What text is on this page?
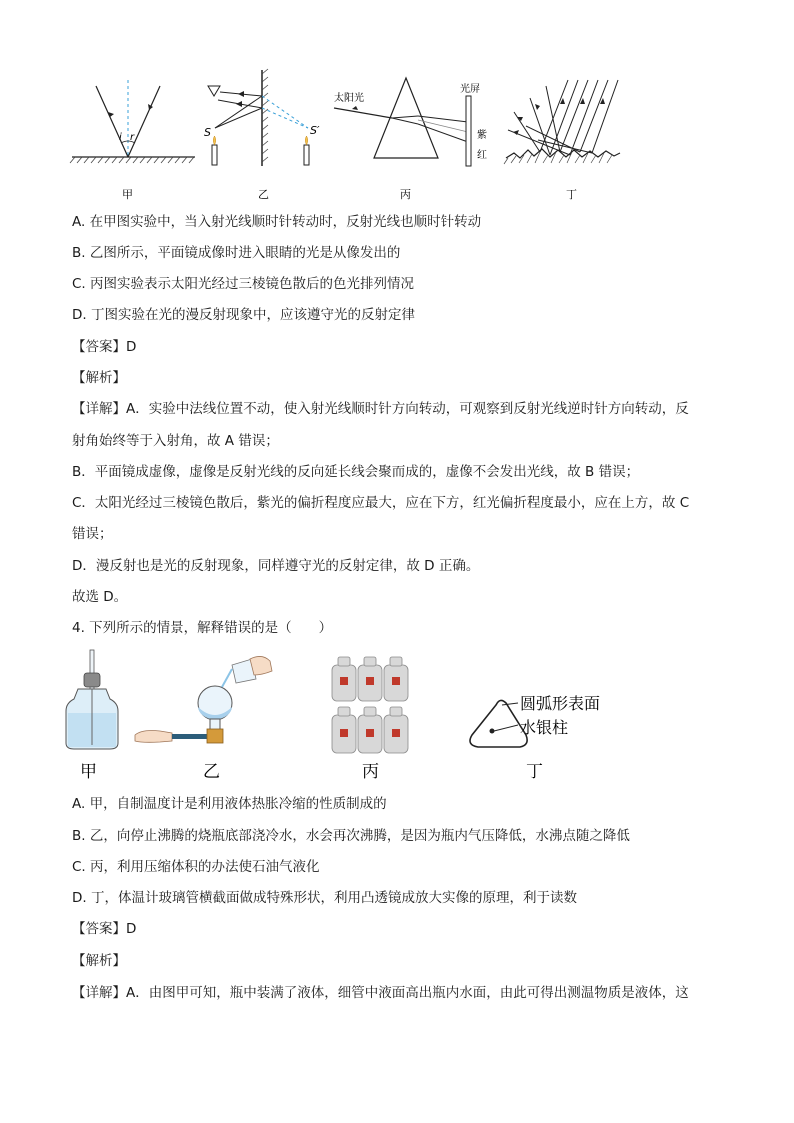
i r
甲
S	S′
乙
太阳光
光屏
紫
红
丙	丁
A. 在甲图实验中，当入射光线顺时针转动时，反射光线也顺时针转动
B. 乙图所示，平面镜成像时进入眼睛的光是从像发出的
C. 丙图实验表示太阳光经过三棱镜色散后的色光排列情况
D. 丁图实验在光的漫反射现象中，应该遵守光的反射定律
【答案】D
【解析】
【详解】A．实验中法线位置不动，使入射光线顺时针方向转动，可观察到反射光线逆时针方向转动，反
射角始终等于入射角，故 A 错误；
B．平面镜成虚像，虚像是反射光线的反向延长线会聚而成的，虚像不会发出光线，故 B 错误；
C．太阳光经过三棱镜色散后，紫光的偏折程度应最大，应在下方，红光偏折程度最小，应在上方，故 C
错误；
D．漫反射也是光的反射现象，同样遵守光的反射定律，故 D 正确。
故选 D。
4. 下列所示的情景，解释错误的是（　　）
甲	乙	丙
圆弧形表面
水银柱
丁
A. 甲，自制温度计是利用液体热胀冷缩的性质制成的
B. 乙，向停止沸腾的烧瓶底部浇冷水，水会再次沸腾，是因为瓶内气压降低，水沸点随之降低
C. 丙，利用压缩体积的办法使石油气液化
D. 丁，体温计玻璃管横截面做成特殊形状，利用凸透镜成放大实像的原理，利于读数
【答案】D
【解析】
【详解】A．由图甲可知，瓶中装满了液体，细管中液面高出瓶内水面，由此可得出测温物质是液体，这
